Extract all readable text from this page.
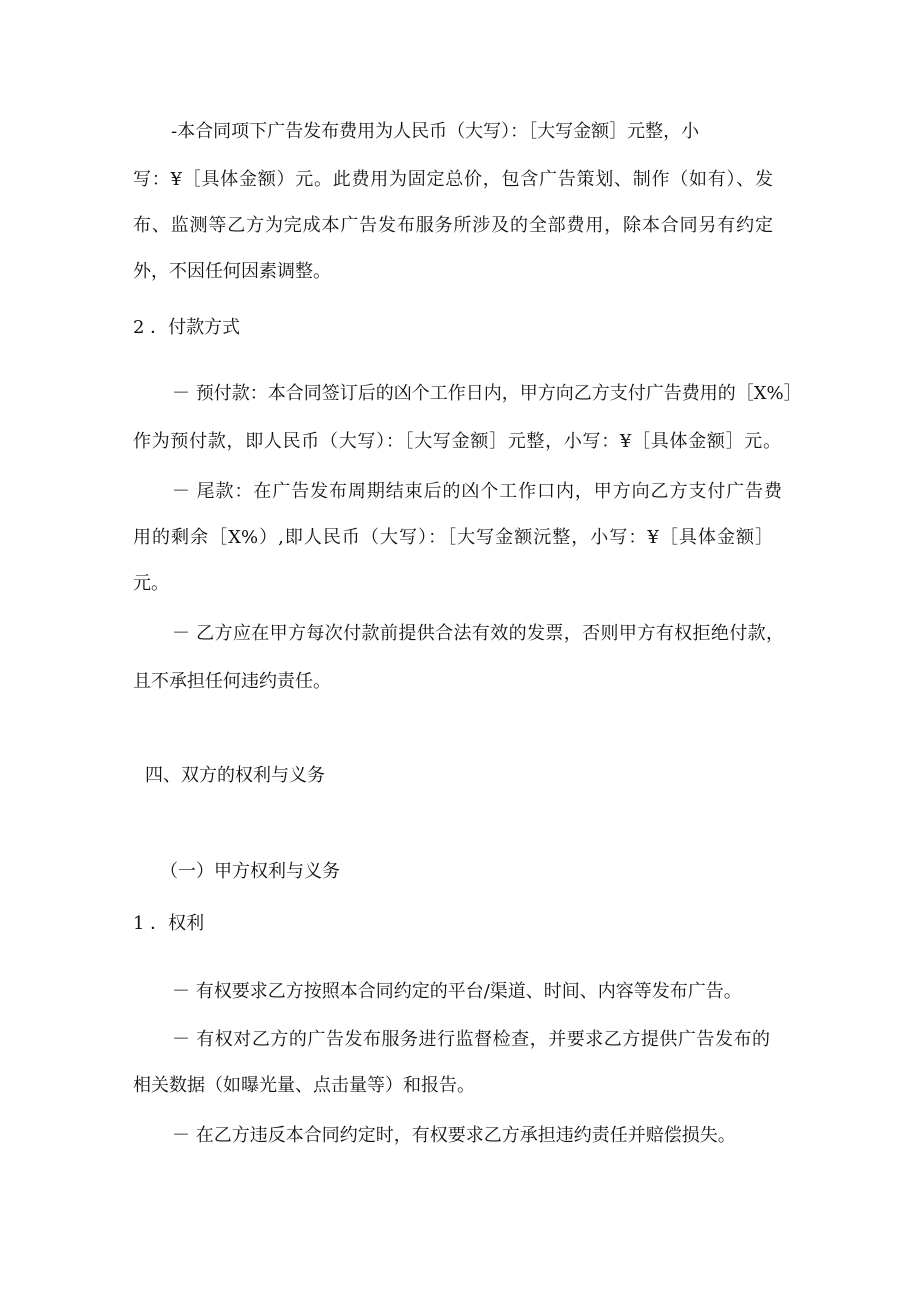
-本合同项下广告发布费用为人民币（大写）：［大写金额］元整，小
写：¥［具体金额）元。此费用为固定总价，包含广告策划、制作（如有）、发
布、监测等乙方为完成本广告发布服务所涉及的全部费用，除本合同另有约定
外，不因任何因素调整。
2 ．付款方式
－ 预付款：本合同签订后的凶个工作日内，甲方向乙方支付广告费用的［X%］
作为预付款，即人民币（大写）：［大写金额］元整，小写：¥［具体金额］元。
－ 尾款：在广告发布周期结束后的凶个工作口内，甲方向乙方支付广告费
用的剩余［X%）,即人民币（大写）：［大写金额沅整，小写：¥［具体金额］
元。
－ 乙方应在甲方每次付款前提供合法有效的发票，否则甲方有权拒绝付款，
且不承担任何违约责任。
四、双方的权利与义务
（一）甲方权利与义务
1 ．权利
－ 有权要求乙方按照本合同约定的平台/渠道、时间、内容等发布广告。
－ 有权对乙方的广告发布服务进行监督检查，并要求乙方提供广告发布的
相关数据（如曝光量、点击量等）和报告。
－ 在乙方违反本合同约定时，有权要求乙方承担违约责任并赔偿损失。
